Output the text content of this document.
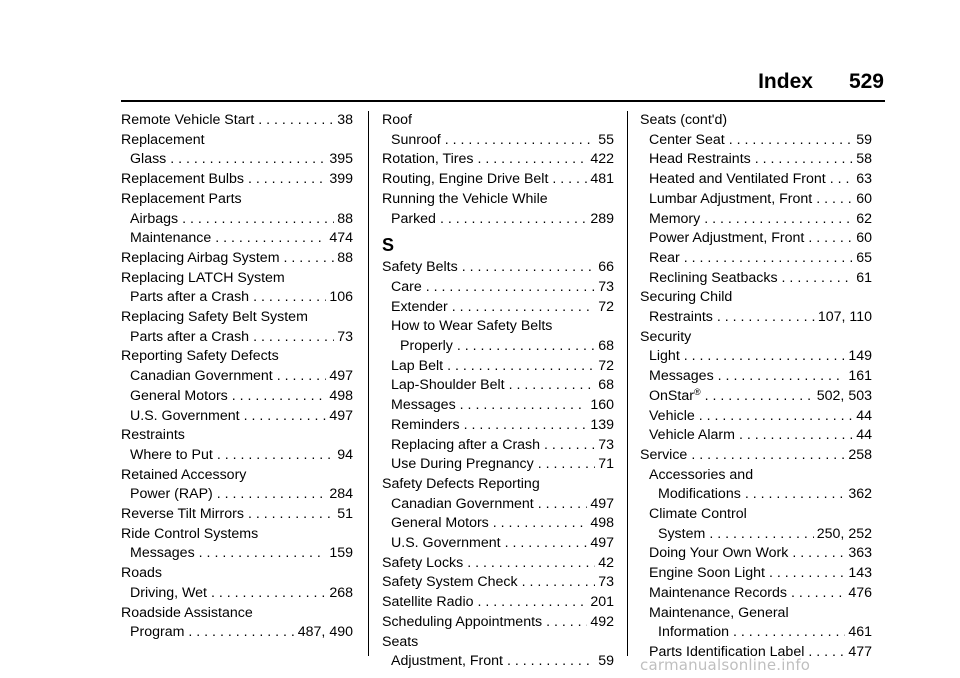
Index 529
Remote Vehicle Start . . .	38
Replacement
Glass . . .	395
Replacement Bulbs . . .	399
Replacement Parts
Airbags . . .	88
Maintenance . . .	474
Replacing Airbag System . . .	88
Replacing LATCH System
Parts after a Crash . . .	106
Replacing Safety Belt System
Parts after a Crash . . .	73
Reporting Safety Defects
Canadian Government . . .	497
General Motors . . .	498
U.S. Government . . .	497
Restraints
Where to Put . . .	94
Retained Accessory
Power (RAP) . . .	284
Reverse Tilt Mirrors . . .	51
Ride Control Systems
Messages . . .	159
Roads
Driving, Wet . . .	268
Roadside Assistance
Program . . .	487, 490
Roof
Sunroof . . .	55
Rotation, Tires . . .	422
Routing, Engine Drive Belt . . .	481
Running the Vehicle While
Parked . . .	289
S
Safety Belts . . .	66
Care . . .	73
Extender . . .	72
How to Wear Safety Belts
Properly . . .	68
Lap Belt . . .	72
Lap-Shoulder Belt . . .	68
Messages . . .	160
Reminders . . .	139
Replacing after a Crash . . .	73
Use During Pregnancy . . .	71
Safety Defects Reporting
Canadian Government . . .	497
General Motors . . .	498
U.S. Government . . .	497
Safety Locks . . .	42
Safety System Check . . .	73
Satellite Radio . . .	201
Scheduling Appointments . . .	492
Seats
Adjustment, Front . . .	59
Seats (cont'd)
Center Seat . . .	59
Head Restraints . . .	58
Heated and Ventilated Front . . . 63
Lumbar Adjustment, Front . . .	60
Memory . . .	62
Power Adjustment, Front . . .	60
Rear . . .	65
Reclining Seatbacks . . .	61
Securing Child
Restraints . . .	107, 110
Security
Light . . .	149
Messages . . .	161
OnStar® . . .	502, 503
Vehicle . . .	44
Vehicle Alarm . . .	44
Service . . .	258
Accessories and
Modifications . . .	362
Climate Control
System . . .	250, 252
Doing Your Own Work . . .	363
Engine Soon Light . . .	143
Maintenance Records . . .	476
Maintenance, General
Information . . .	461
Parts Identification Label . . .	477
carmanualsonline.info
